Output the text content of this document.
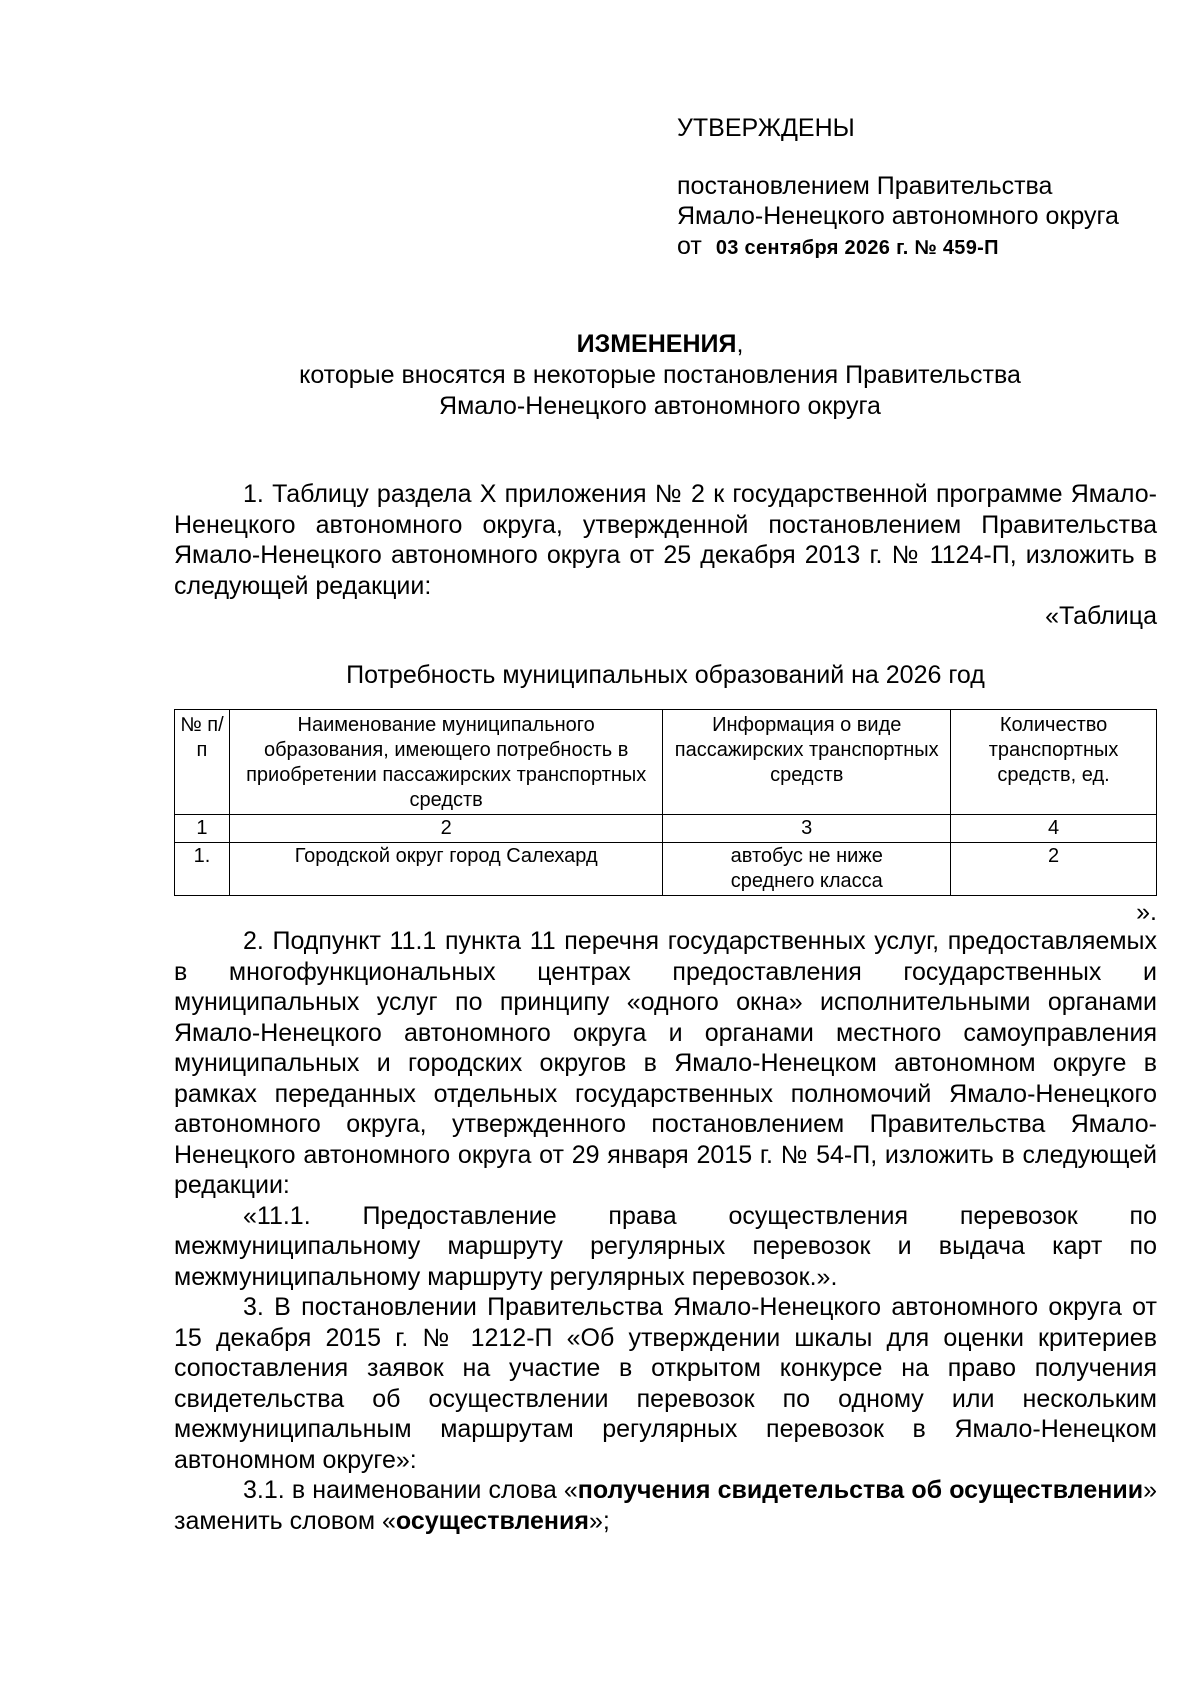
УТВЕРЖДЕНЫ
постановлением Правительства
Ямало-Ненецкого автономного округа
от 03 сентября 2026 г. № 459-П
ИЗМЕНЕНИЯ,
которые вносятся в некоторые постановления Правительства
Ямало-Ненецкого автономного округа

1. Таблицу раздела X приложения № 2 к государственной программе Ямало-Ненецкого автономного округа, утвержденной постановлением Правительства Ямало-Ненецкого автономного округа от 25 декабря 2013 г. № 1124-П, изложить в следующей редакции:

«Таблица

Потребность муниципальных образований на 2026 год

№ п/п	Наименование муниципального образования, имеющего потребность в приобретении пассажирских транспортных средств	Информация о виде пассажирских транспортных средств	Количество транспортных средств, ед.
1	2	3	4
1.	Городской округ город Салехард	автобус не ниже среднего класса	2

».

2. Подпункт 11.1 пункта 11 перечня государственных услуг, предоставляемых в многофункциональных центрах предоставления государственных и муниципальных услуг по принципу «одного окна» исполнительными органами Ямало-Ненецкого автономного округа и органами местного самоуправления муниципальных и городских округов в Ямало-Ненецком автономном округе в рамках переданных отдельных государственных полномочий Ямало-Ненецкого автономного округа, утвержденного постановлением Правительства Ямало-Ненецкого автономного округа от 29 января 2015 г. № 54-П, изложить в следующей редакции:

«11.1. Предоставление права осуществления перевозок по межмуниципальному маршруту регулярных перевозок и выдача карт по межмуниципальному маршруту регулярных перевозок.».

3. В постановлении Правительства Ямало-Ненецкого автономного округа от 15 декабря 2015 г. № 1212-П «Об утверждении шкалы для оценки критериев сопоставления заявок на участие в открытом конкурсе на право получения свидетельства об осуществлении перевозок по одному или нескольким межмуниципальным маршрутам регулярных перевозок в Ямало-Ненецком автономном округе»:

3.1. в наименовании слова «получения свидетельства об осуществлении» заменить словом «осуществления»;
